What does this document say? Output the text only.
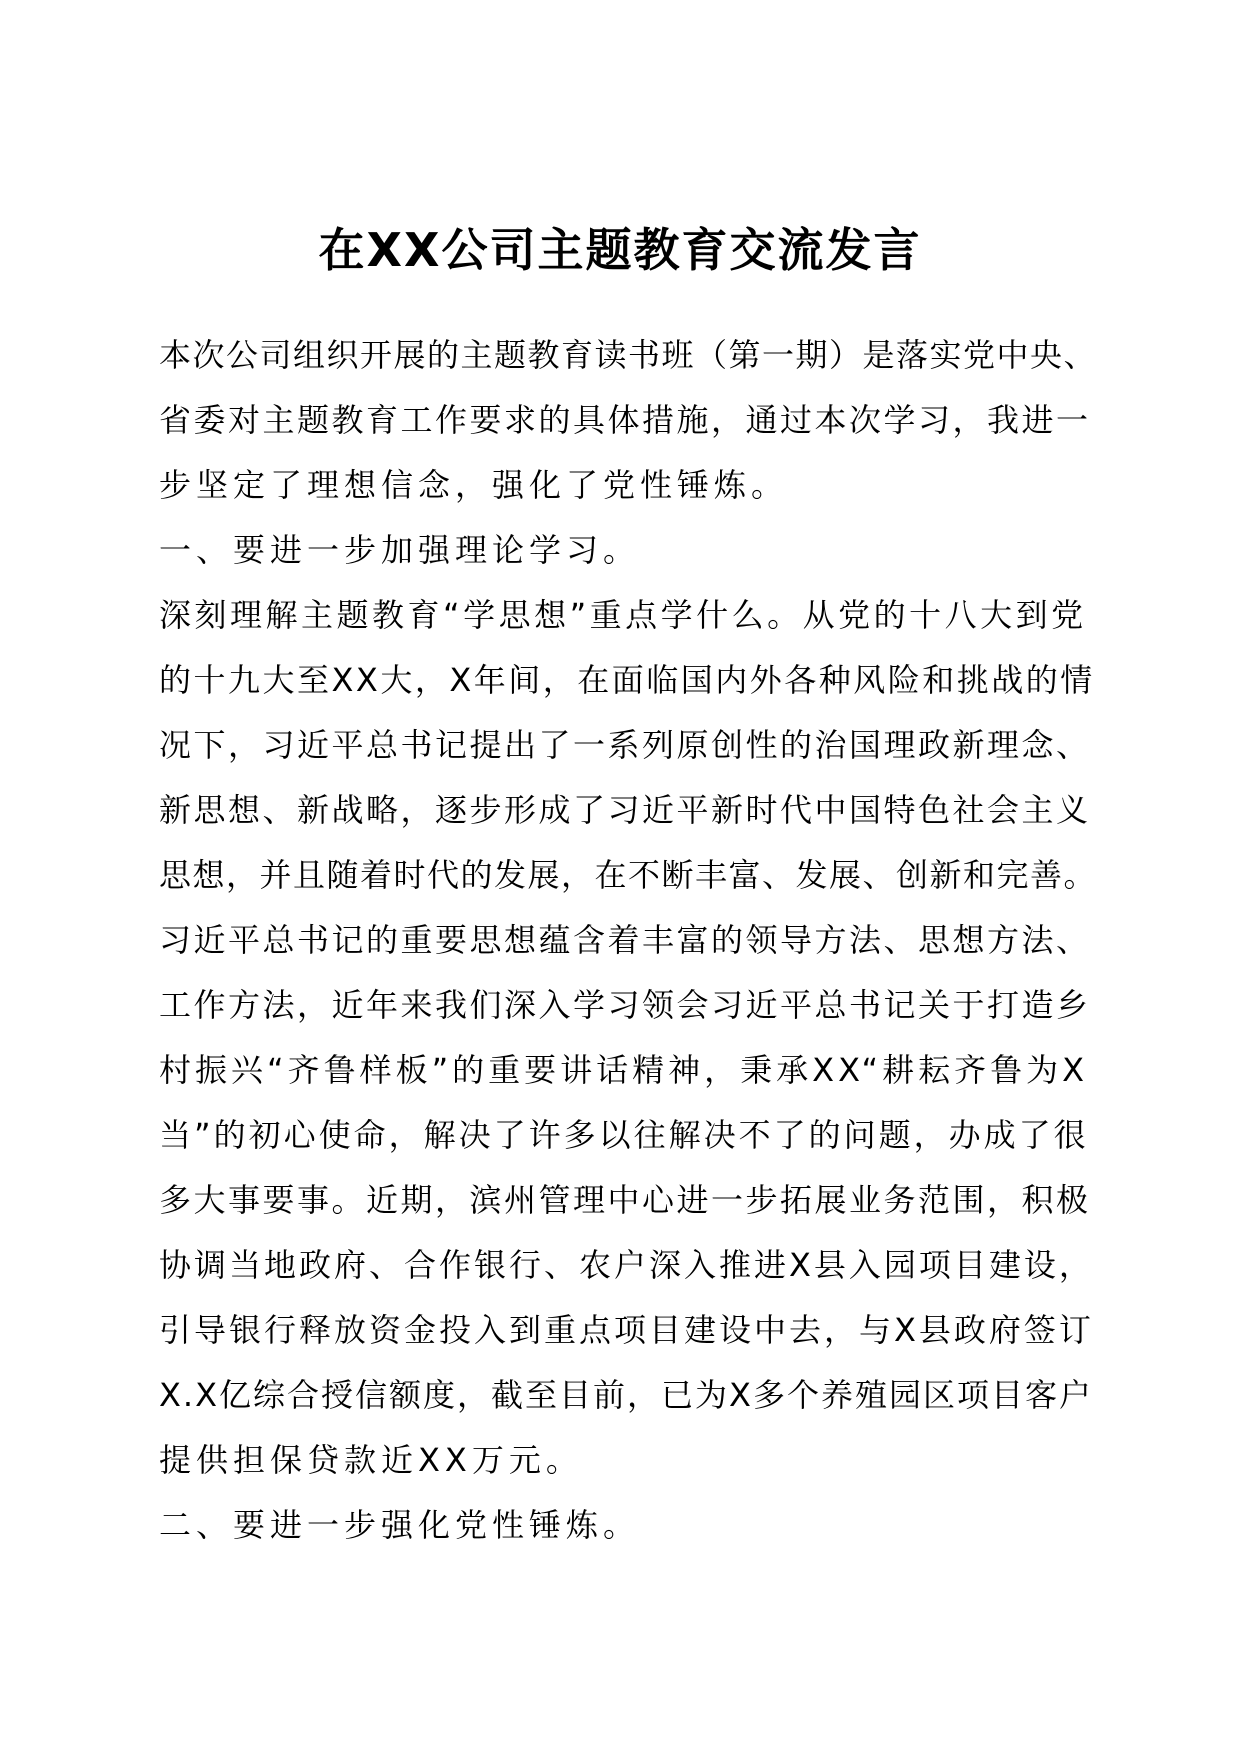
在XX公司主题教育交流发言
本次公司组织开展的主题教育读书班（第一期）是落实党中央、
省委对主题教育工作要求的具体措施，通过本次学习，我进一
步坚定了理想信念，强化了党性锤炼。
一、要进一步加强理论学习。
深刻理解主题教育“学思想”重点学什么。从党的十八大到党
的十九大至XX大，X年间，在面临国内外各种风险和挑战的情
况下，习近平总书记提出了一系列原创性的治国理政新理念、
新思想、新战略，逐步形成了习近平新时代中国特色社会主义
思想，并且随着时代的发展，在不断丰富、发展、创新和完善。
习近平总书记的重要思想蕴含着丰富的领导方法、思想方法、
工作方法，近年来我们深入学习领会习近平总书记关于打造乡
村振兴“齐鲁样板”的重要讲话精神，秉承XX“耕耘齐鲁为X
当”的初心使命，解决了许多以往解决不了的问题，办成了很
多大事要事。近期，滨州管理中心进一步拓展业务范围，积极
协调当地政府、合作银行、农户深入推进X县入园项目建设，
引导银行释放资金投入到重点项目建设中去，与X县政府签订
X.X亿综合授信额度，截至目前，已为X多个养殖园区项目客户
提供担保贷款近XX万元。
二、要进一步强化党性锤炼。
